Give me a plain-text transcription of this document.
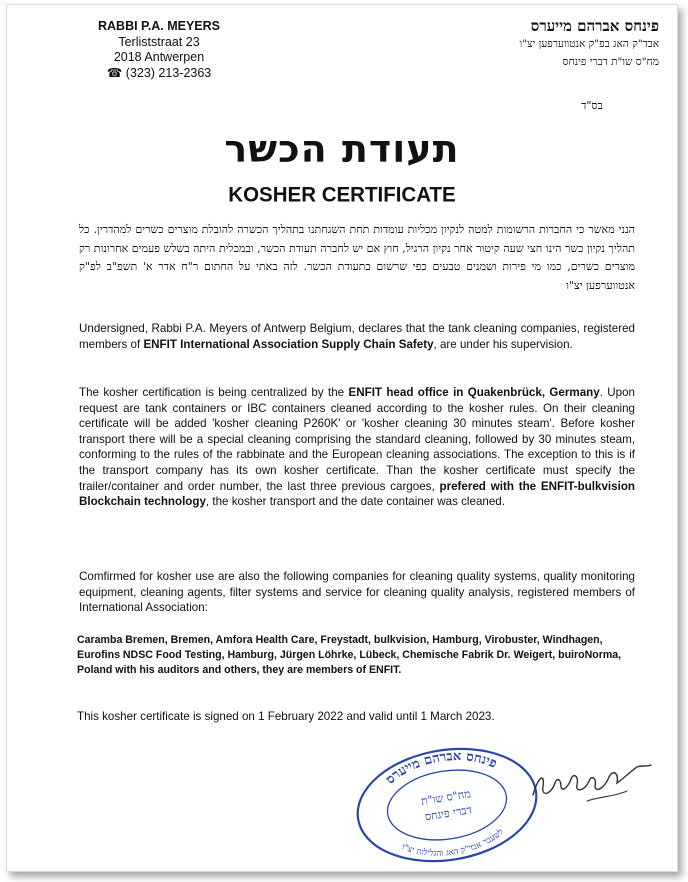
RABBI P.A. MEYERS
Terliststraat 23
2018 Antwerpen
☎ (323) 213-2363
פינחס אברהם מייערס
אבד"ק האג בפ"ק אנטווערפען יצ"ו
מח"ס שו"ת דברי פינחס
בס"ד
תעודת הכשר
KOSHER CERTIFICATE
הנני מאשר כי החברות הרשומות למטה לנקיון מכליות עומדות תחת השגחתנו בתהליך הכשרה להובלת מוצרים כשרים למהדרין. כל תהליך נקיון כשר הינו חצי שעה קיטור אחר נקיון הרגיל, חוץ אם יש לחברה תעודת הכשר, ובמכלית היתה בשלש פעמים אחרונות רק מוצרים כשרים, כמו מי פירות ושמנים טבעים כפי שרשום בתעודת הכשר. לזה באתי על החתום ר"ח אדר א' תשפ"ב לפ"ק אנטווערפען יצ"ו
Undersigned, Rabbi P.A. Meyers of Antwerp Belgium, declares that the tank cleaning companies, registered members of ENFIT International Association Supply Chain Safety, are under his supervision.
The kosher certification is being centralized by the ENFIT head office in Quakenbrück, Germany. Upon request are tank containers or IBC containers cleaned according to the kosher rules. On their cleaning certificate will be added 'kosher cleaning P260K' or 'kosher cleaning 30 minutes steam'. Before kosher transport there will be a special cleaning comprising the standard cleaning, followed by 30 minutes steam, conforming to the rules of the rabbinate and the European cleaning associations. The exception to this is if the transport company has its own kosher certificate. Than the kosher certificate must specify the trailer/container and order number, the last three previous cargoes, prefered with the ENFIT-bulkvision Blockchain technology, the kosher transport and the date container was cleaned.
Comfirmed for kosher use are also the following companies for cleaning quality systems, quality monitoring equipment, cleaning agents, filter systems and service for cleaning quality analysis, registered members of International Association:
Caramba Bremen, Bremen, Amfora Health Care, Freystadt, bulkvision, Hamburg, Virobuster, Windhagen, Eurofins NDSC Food Testing, Hamburg, Jürgen Löhrke, Lübeck, Chemische Fabrik Dr. Weigert, buiroNorma, Poland with his auditors and others, they are members of ENFIT.
This kosher certificate is signed on 1 February 2022 and valid until 1 March 2023.
פינחס אברהם מייערס
מח"ס שו"ת
דברי פינחס
לשעבר אבד"ק האג והגלילות יצ"ו
